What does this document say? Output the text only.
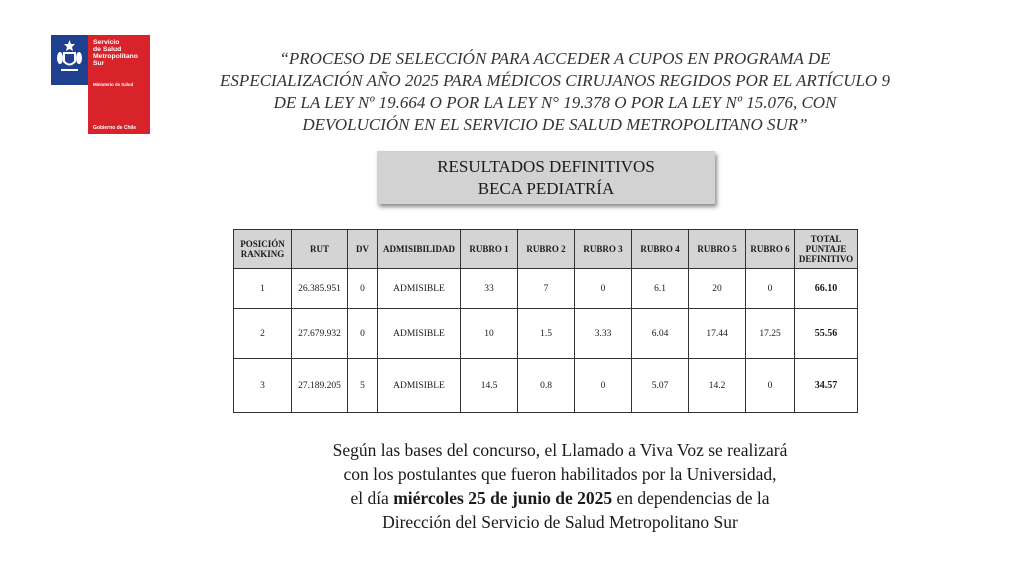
Servicio
de Salud
Metropolitano
Sur
Ministerio de Salud
Gobierno de Chile
“PROCESO DE SELECCIÓN PARA ACCEDER A CUPOS EN PROGRAMA DE
ESPECIALIZACIÓN AÑO 2025 PARA MÉDICOS CIRUJANOS REGIDOS POR EL ARTÍCULO 9
DE LA LEY Nº 19.664 O POR LA LEY N° 19.378 O POR LA LEY Nº 15.076, CON
DEVOLUCIÓN EN EL SERVICIO DE SALUD METROPOLITANO SUR”
RESULTADOS DEFINITIVOS
BECA PEDIATRÍA
POSICIÓN RANKING	RUT	DV	ADMISIBILIDAD	RUBRO 1	RUBRO 2	RUBRO 3	RUBRO 4	RUBRO 5	RUBRO 6	TOTAL PUNTAJE DEFINITIVO
1	26.385.951	0	ADMISIBLE	33	7	0	6.1	20	0	66.10
2	27.679.932	0	ADMISIBLE	10	1.5	3.33	6.04	17.44	17.25	55.56
3	27.189.205	5	ADMISIBLE	14.5	0.8	0	5.07	14.2	0	34.57
Según las bases del concurso, el Llamado a Viva Voz se realizará
con los postulantes que fueron habilitados por la Universidad,
el día miércoles 25 de junio de 2025 en dependencias de la
Dirección del Servicio de Salud Metropolitano Sur
